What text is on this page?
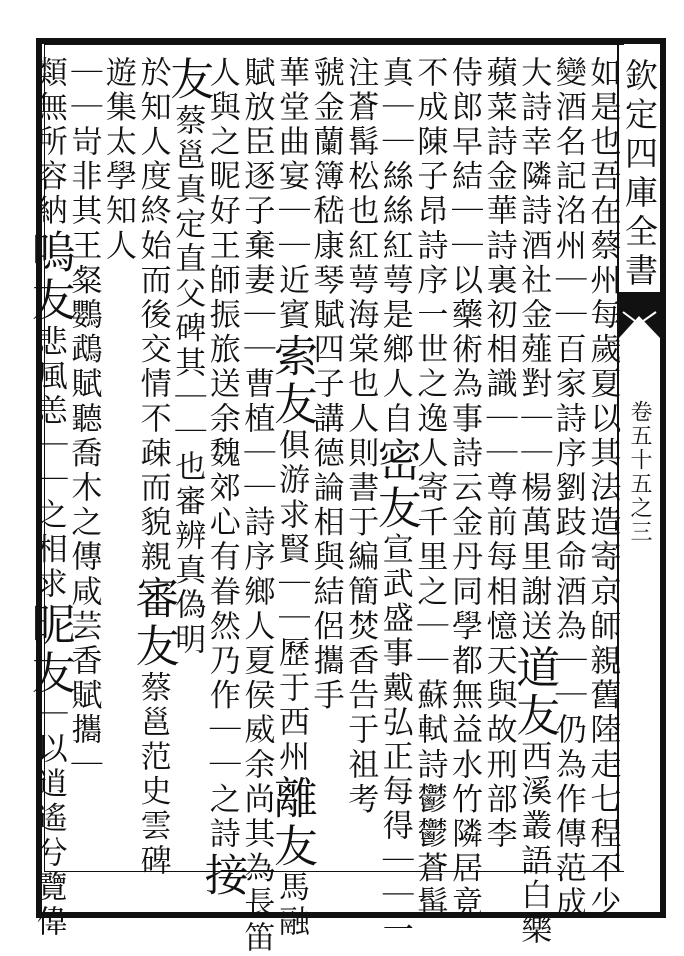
欽定四庫全書
卷五十五之三
如是也吾在蔡州每歲夏以其法造寄京師親舊陸走七程不少
變酒名記洺州｜｜百家詩序劉跂命酒為｜｜仍為作傳范成
大詩幸隣詩酒社金薤對｜｜楊萬里謝送道友西溪叢語白樂
蘋菜詩金華詩裏初相識｜｜尊前每相憶天與故刑部李
侍郎早結｜｜以藥術為事詩云金丹同學都無益水竹隣居竟
不成陳子昂詩序一世之逸人寄千里之｜｜蘇軾詩鬱鬱蒼髯
真｜｜絲絲紅萼是鄉人自密友宣武盛事戴弘正每得｜｜一
注蒼髯松也紅萼海棠也人則書于編簡焚香告于祖考
虢金蘭簿嵇康琴賦四子講德論相與結侶攜手
華堂曲宴｜｜近賓索友俱游求賢｜｜歷于西州離友馬融
賦放臣逐子棄妻｜｜曹植｜｜詩序鄉人夏侯威余尚其為長笛
人與之昵好王師振旅送余魏郊心有眷然乃作｜｜之詩接
友蔡邕真定直父碑其｜｜也審辨真偽明
於知人度終始而後交情不疎而貌親審友蔡邕范史雲碑
遊集太學知人
｜｜岢非其王粲鸚鵡賦聽喬木之傳咸芸香賦攜｜
類無所容納嗚友悲風恙｜｜之相求昵友｜以逍遙兮覽偉
